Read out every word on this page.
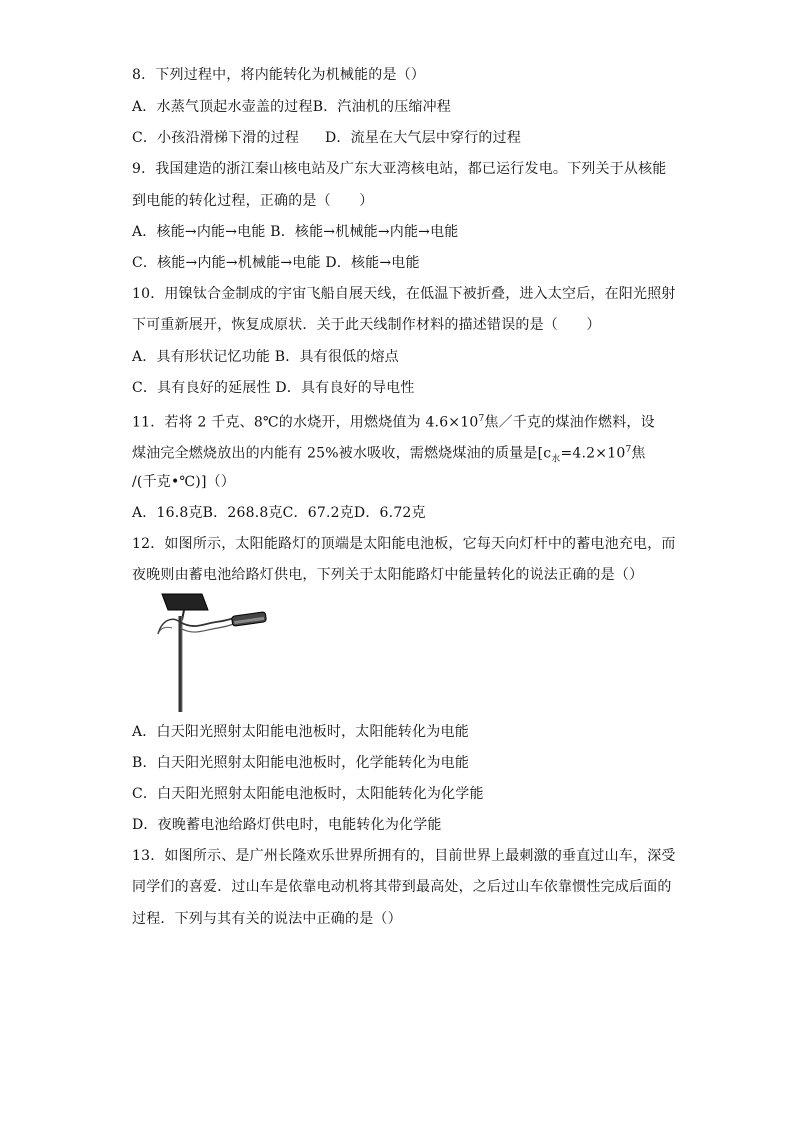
8．下列过程中，将内能转化为机械能的是（）
A．水蒸气顶起水壶盖的过程B．汽油机的压缩冲程
C．小孩沿滑梯下滑的过程 D．流星在大气层中穿行的过程
9．我国建造的浙江秦山核电站及广东大亚湾核电站，都已运行发电。下列关于从核能
到电能的转化过程，正确的是（　　）
A．核能→内能→电能 B．核能→机械能→内能→电能
C．核能→内能→机械能→电能 D．核能→电能
10．用镍钛合金制成的宇宙飞船自展天线，在低温下被折叠，进入太空后，在阳光照射
下可重新展开，恢复成原状．关于此天线制作材料的描述错误的是（　　）
A．具有形状记忆功能 B．具有很低的熔点
C．具有良好的延展性 D．具有良好的导电性
11．若将 2 千克、8℃的水烧开，用燃烧值为 $4.6\times 10^7$焦／千克的煤油作燃料，设
煤油完全燃烧放出的内能有 25%被水吸收，需燃烧煤油的质量是[$c_水=4.2\times 10^7$焦
/(千克•℃)]（）
A．16.8克B．268.8克C．67.2克D．6.72克
12．如图所示，太阳能路灯的顶端是太阳能电池板，它每天向灯杆中的蓄电池充电，而
夜晚则由蓄电池给路灯供电，下列关于太阳能路灯中能量转化的说法正确的是（）
A．白天阳光照射太阳能电池板时，太阳能转化为电能
B．白天阳光照射太阳能电池板时，化学能转化为电能
C．白天阳光照射太阳能电池板时，太阳能转化为化学能
D．夜晚蓄电池给路灯供电时，电能转化为化学能
13．如图所示、是广州长隆欢乐世界所拥有的，目前世界上最刺激的垂直过山车，深受
同学们的喜爱．过山车是依靠电动机将其带到最高处，之后过山车依靠惯性完成后面的
过程．下列与其有关的说法中正确的是（）
